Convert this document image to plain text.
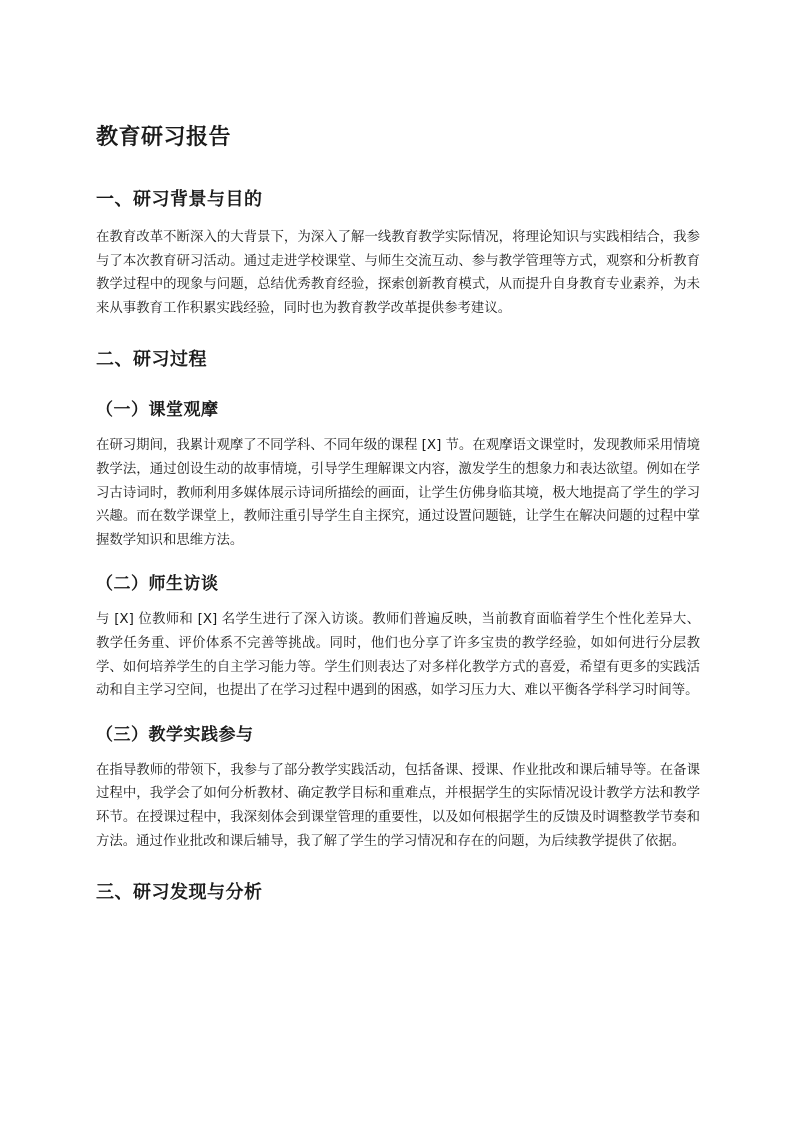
教育研习报告
一、研习背景与目的

在教育改革不断深入的大背景下，为深入了解一线教育教学实际情况，将理论知识与实践相结合，我参与了本次教育研习活动。通过走进学校课堂、与师生交流互动、参与教学管理等方式，观察和分析教育教学过程中的现象与问题，总结优秀教育经验，探索创新教育模式，从而提升自身教育专业素养，为未来从事教育工作积累实践经验，同时也为教育教学改革提供参考建议。

二、研习过程
（一）课堂观摩

在研习期间，我累计观摩了不同学科、不同年级的课程 [X] 节。在观摩语文课堂时，发现教师采用情境教学法，通过创设生动的故事情境，引导学生理解课文内容，激发学生的想象力和表达欲望。例如在学习古诗词时，教师利用多媒体展示诗词所描绘的画面，让学生仿佛身临其境，极大地提高了学生的学习兴趣。而在数学课堂上，教师注重引导学生自主探究，通过设置问题链，让学生在解决问题的过程中掌握数学知识和思维方法。

（二）师生访谈

与 [X] 位教师和 [X] 名学生进行了深入访谈。教师们普遍反映，当前教育面临着学生个性化差异大、教学任务重、评价体系不完善等挑战。同时，他们也分享了许多宝贵的教学经验，如如何进行分层教学、如何培养学生的自主学习能力等。学生们则表达了对多样化教学方式的喜爱，希望有更多的实践活动和自主学习空间，也提出了在学习过程中遇到的困惑，如学习压力大、难以平衡各学科学习时间等。

（三）教学实践参与

在指导教师的带领下，我参与了部分教学实践活动，包括备课、授课、作业批改和课后辅导等。在备课过程中，我学会了如何分析教材、确定教学目标和重难点，并根据学生的实际情况设计教学方法和教学环节。在授课过程中，我深刻体会到课堂管理的重要性，以及如何根据学生的反馈及时调整教学节奏和方法。通过作业批改和课后辅导，我了解了学生的学习情况和存在的问题，为后续教学提供了依据。

三、研习发现与分析
